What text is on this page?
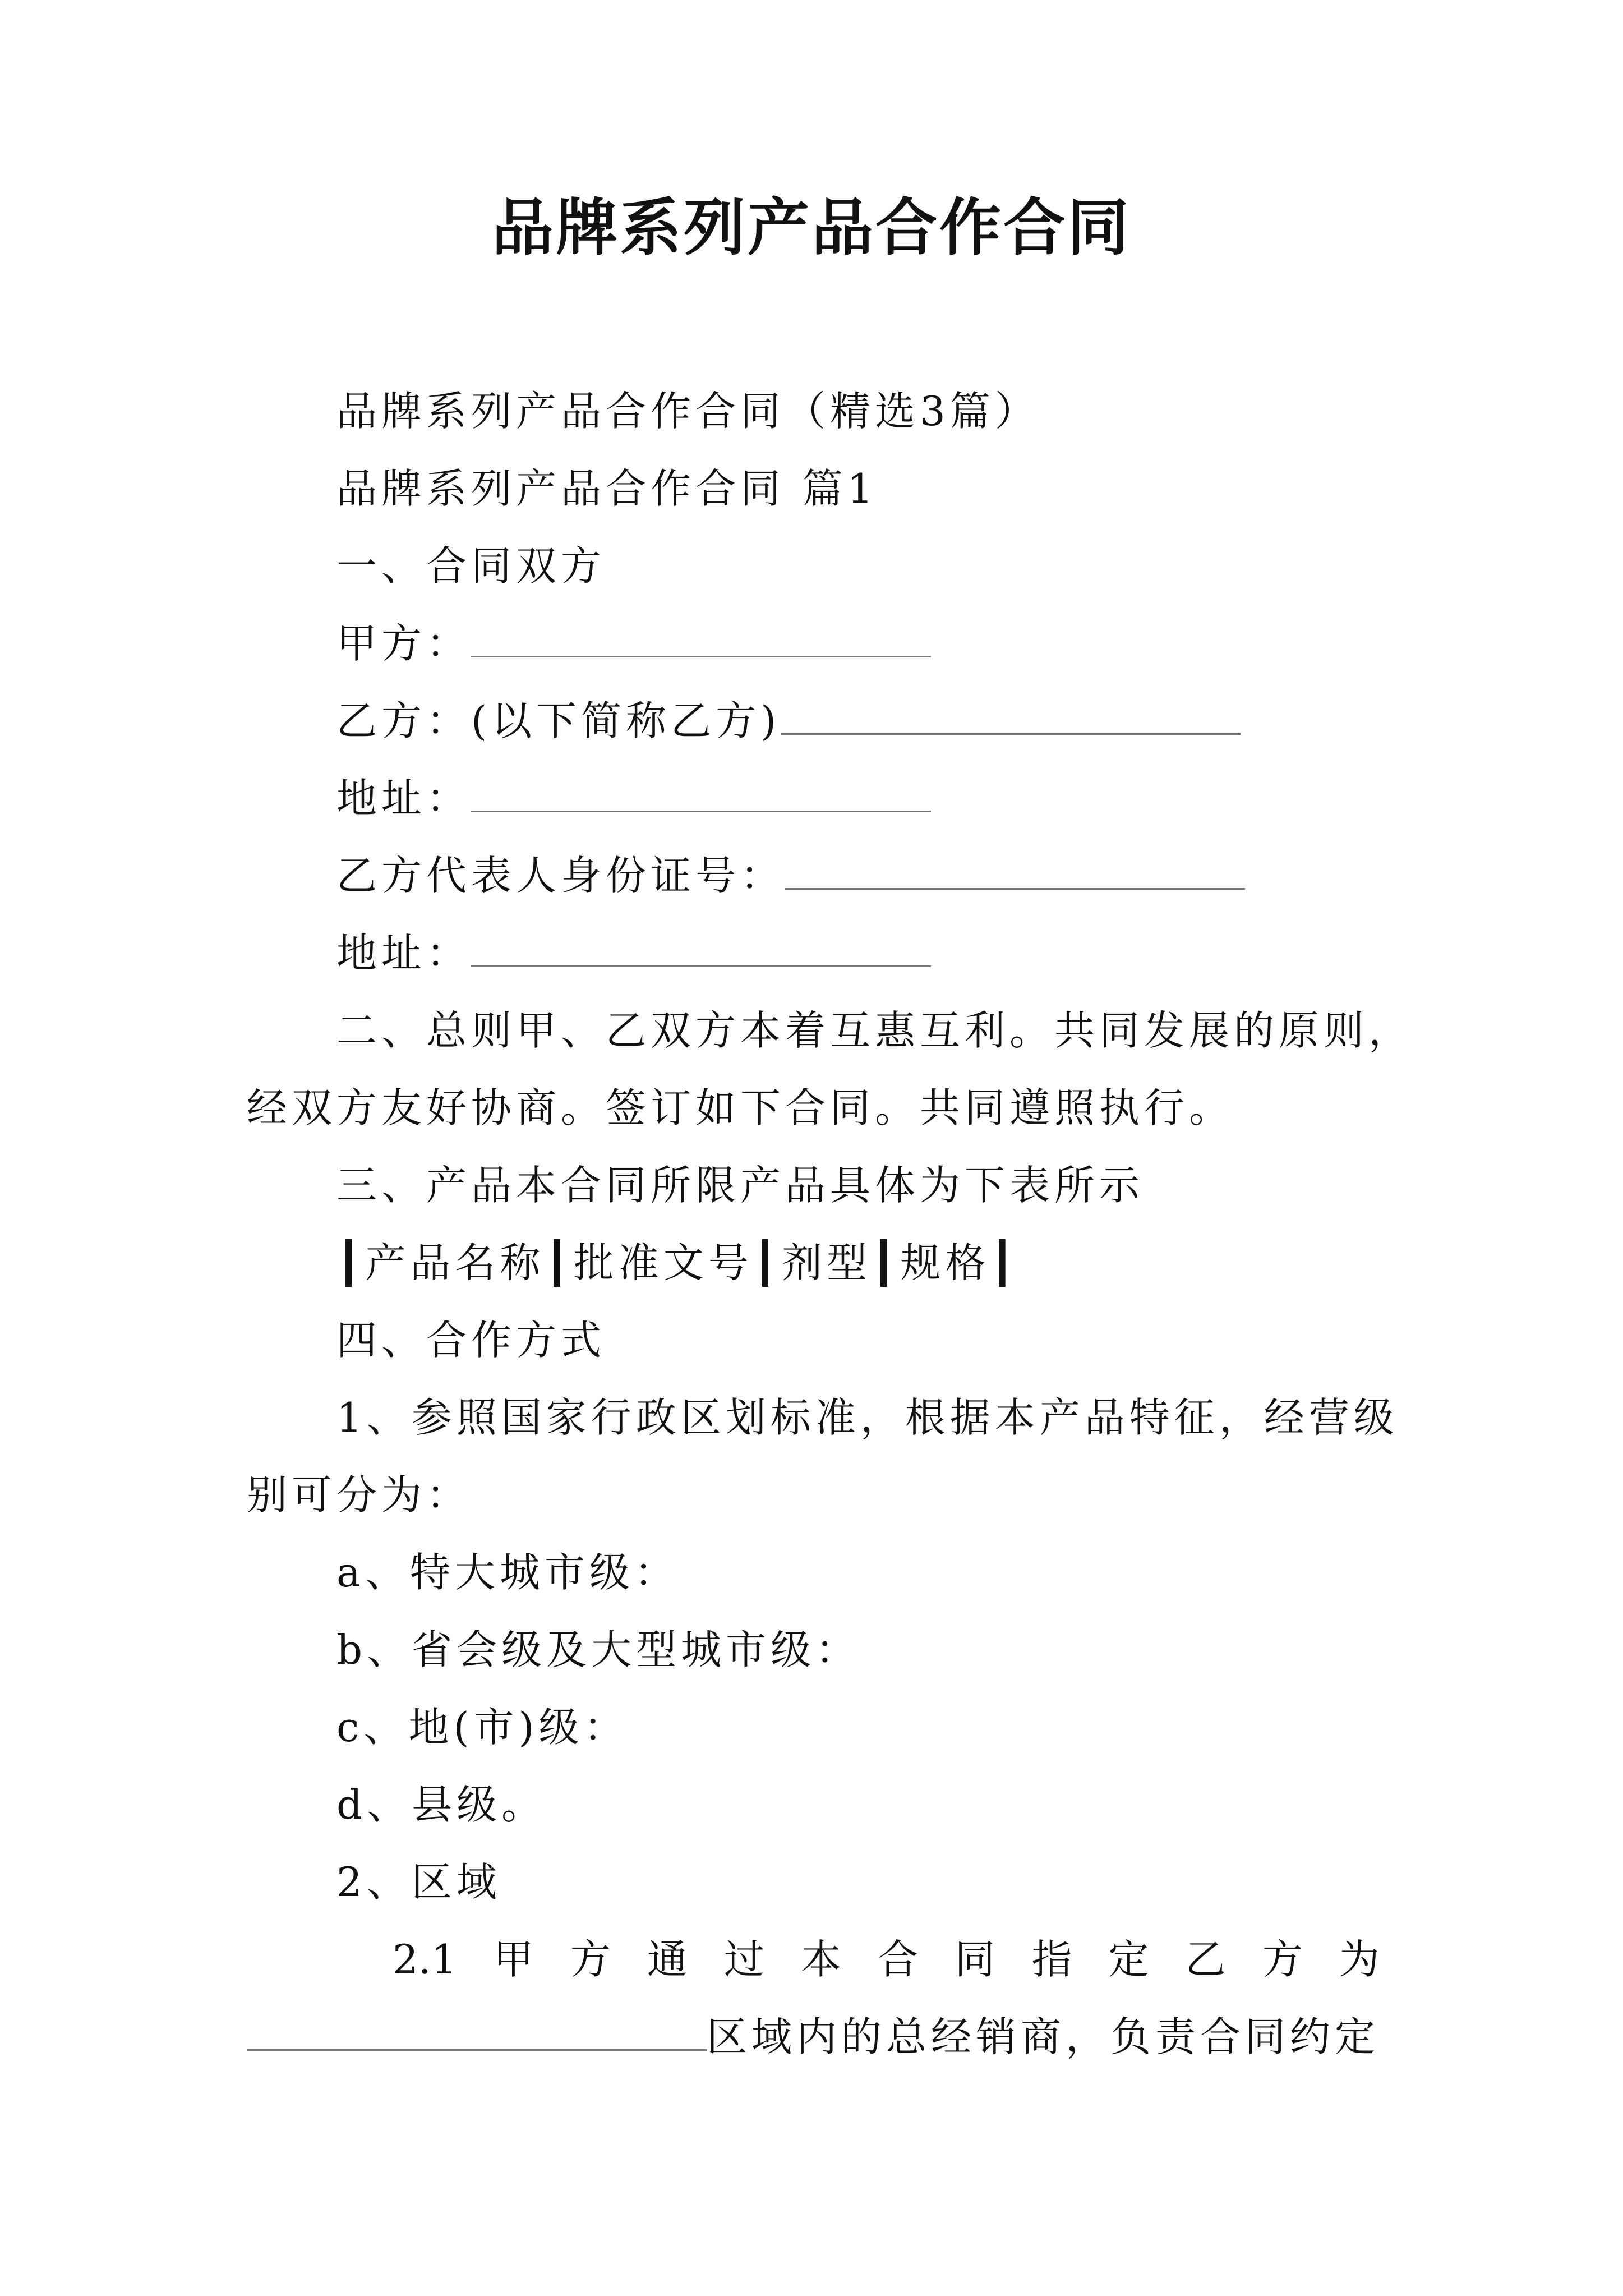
品牌系列产品合作合同
品牌系列产品合作合同（精选3篇）
品牌系列产品合作合同 篇1
一、合同双方
甲方：
乙方：(以下简称乙方)
地址：
乙方代表人身份证号：
地址：
二、总则甲、乙双方本着互惠互利。共同发展的原则，
经双方友好协商。签订如下合同。共同遵照执行。
三、产品本合同所限产品具体为下表所示
┃产品名称┃批准文号┃剂型┃规格┃
四、合作方式
1、参照国家行政区划标准，根据本产品特征，经营级
别可分为：
a、特大城市级：
b、省会级及大型城市级：
c、地(市)级：
d、县级。
2、区域
2.1 甲 方 通 过 本 合 同 指 定 乙 方 为
区域内的总经销商，负责合同约定
